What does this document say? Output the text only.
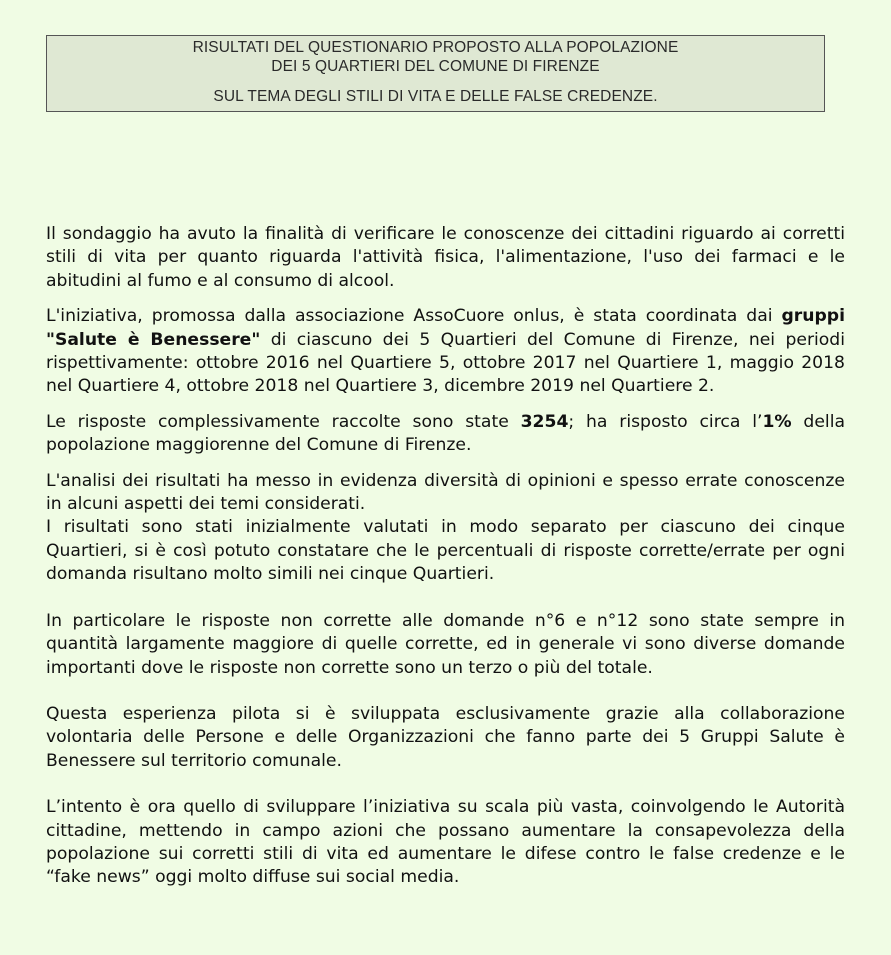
RISULTATI DEL QUESTIONARIO PROPOSTO ALLA POPOLAZIONE
DEI 5 QUARTIERI DEL COMUNE DI FIRENZE
SUL TEMA DEGLI STILI DI VITA E DELLE FALSE CREDENZE.

Il sondaggio ha avuto la finalità di verificare le conoscenze dei cittadini riguardo ai corretti stili di vita per quanto riguarda l'attività fisica, l'alimentazione, l'uso dei farmaci e le abitudini al fumo e al consumo di alcool.

L'iniziativa, promossa dalla associazione AssoCuore onlus, è stata coordinata dai gruppi "Salute è Benessere" di ciascuno dei 5 Quartieri del Comune di Firenze, nei periodi rispettivamente: ottobre 2016 nel Quartiere 5, ottobre 2017 nel Quartiere 1, maggio 2018 nel Quartiere 4, ottobre 2018 nel Quartiere 3, dicembre 2019 nel Quartiere 2.

Le risposte complessivamente raccolte sono state 3254; ha risposto circa l’1% della popolazione maggiorenne del Comune di Firenze.

L'analisi dei risultati ha messo in evidenza diversità di opinioni e spesso errate conoscenze in alcuni aspetti dei temi considerati.

I risultati sono stati inizialmente valutati in modo separato per ciascuno dei cinque Quartieri, si è così potuto constatare che le percentuali di risposte corrette/errate per ogni domanda risultano molto simili nei cinque Quartieri.

In particolare le risposte non corrette alle domande n°6 e n°12 sono state sempre in quantità largamente maggiore di quelle corrette, ed in generale vi sono diverse domande importanti dove le risposte non corrette sono un terzo o più del totale.

Questa esperienza pilota si è sviluppata esclusivamente grazie alla collaborazione volontaria delle Persone e delle Organizzazioni che fanno parte dei 5 Gruppi Salute è Benessere sul territorio comunale.

L’intento è ora quello di sviluppare l’iniziativa su scala più vasta, coinvolgendo le Autorità cittadine, mettendo in campo azioni che possano aumentare la consapevolezza della popolazione sui corretti stili di vita ed aumentare le difese contro le false credenze e le “fake news” oggi molto diffuse sui social media.
